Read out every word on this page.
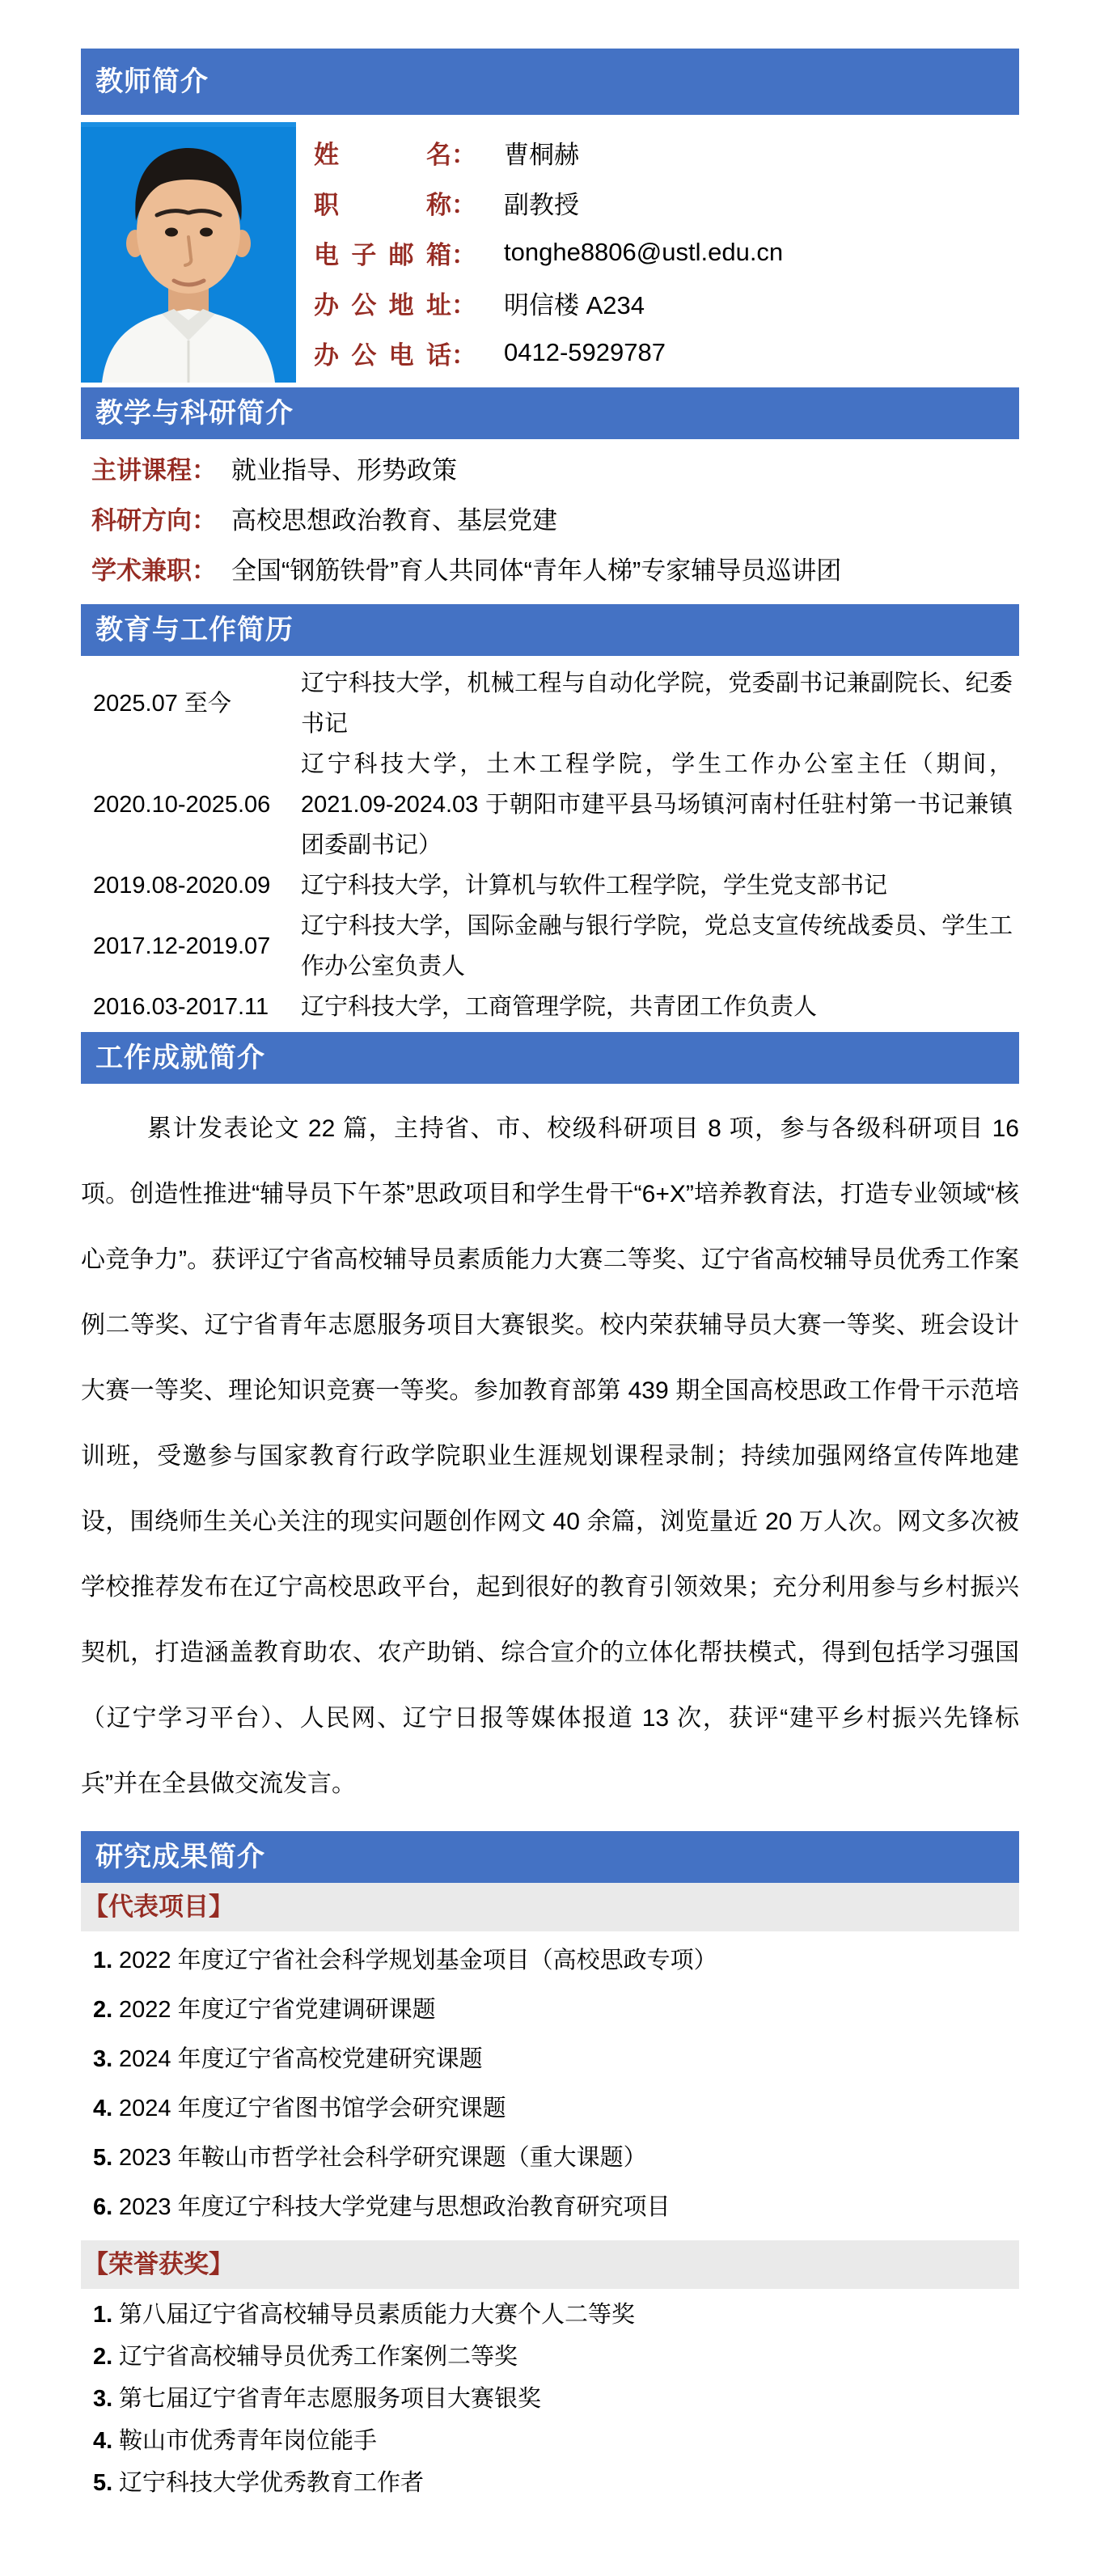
教师简介
姓名 ： 曹桐赫
职称 ： 副教授
电子邮箱 ： tonghe8806@ustl.edu.cn
办公地址 ： 明信楼 A234
办公电话 ： 0412-5929787
教学与科研简介
主讲课程： 就业指导、形势政策
科研方向： 高校思想政治教育、基层党建
学术兼职： 全国“钢筋铁骨”育人共同体“青年人梯”专家辅导员巡讲团
教育与工作简历
2025.07 至今
辽宁科技大学，机械工程与自动化学院，党委副书记兼副院长、纪委书记
2020.10-2025.06
辽宁科技大学，土木工程学院，学生工作办公室主任（期间，2021.09-2024.03 于朝阳市建平县马场镇河南村任驻村第一书记兼镇团委副书记）
2019.08-2020.09	辽宁科技大学，计算机与软件工程学院，学生党支部书记
2017.12-2019.07
辽宁科技大学，国际金融与银行学院，党总支宣传统战委员、学生工作办公室负责人
2016.03-2017.11	辽宁科技大学，工商管理学院，共青团工作负责人
工作成就简介

累计发表论文 22 篇，主持省、市、校级科研项目 8 项，参与各级科研项目 16 项。创造性推进“辅导员下午茶”思政项目和学生骨干“6+X”培养教育法，打造专业领域“核心竞争力”。获评辽宁省高校辅导员素质能力大赛二等奖、辽宁省高校辅导员优秀工作案例二等奖、辽宁省青年志愿服务项目大赛银奖。校内荣获辅导员大赛一等奖、班会设计大赛一等奖、理论知识竞赛一等奖。参加教育部第 439 期全国高校思政工作骨干示范培训班，受邀参与国家教育行政学院职业生涯规划课程录制；持续加强网络宣传阵地建设，围绕师生关心关注的现实问题创作网文 40 余篇，浏览量近 20 万人次。网文多次被学校推荐发布在辽宁高校思政平台，起到很好的教育引领效果；充分利用参与乡村振兴契机，打造涵盖教育助农、农产助销、综合宣介的立体化帮扶模式，得到包括学习强国（辽宁学习平台）、人民网、辽宁日报等媒体报道 13 次，获评“建平乡村振兴先锋标兵”并在全县做交流发言。

研究成果简介
【代表项目】
1. 2022 年度辽宁省社会科学规划基金项目（高校思政专项）
2. 2022 年度辽宁省党建调研课题
3. 2024 年度辽宁省高校党建研究课题
4. 2024 年度辽宁省图书馆学会研究课题
5. 2023 年鞍山市哲学社会科学研究课题（重大课题）
6. 2023 年度辽宁科技大学党建与思想政治教育研究项目
【荣誉获奖】
1. 第八届辽宁省高校辅导员素质能力大赛个人二等奖
2. 辽宁省高校辅导员优秀工作案例二等奖
3. 第七届辽宁省青年志愿服务项目大赛银奖
4. 鞍山市优秀青年岗位能手
5. 辽宁科技大学优秀教育工作者
